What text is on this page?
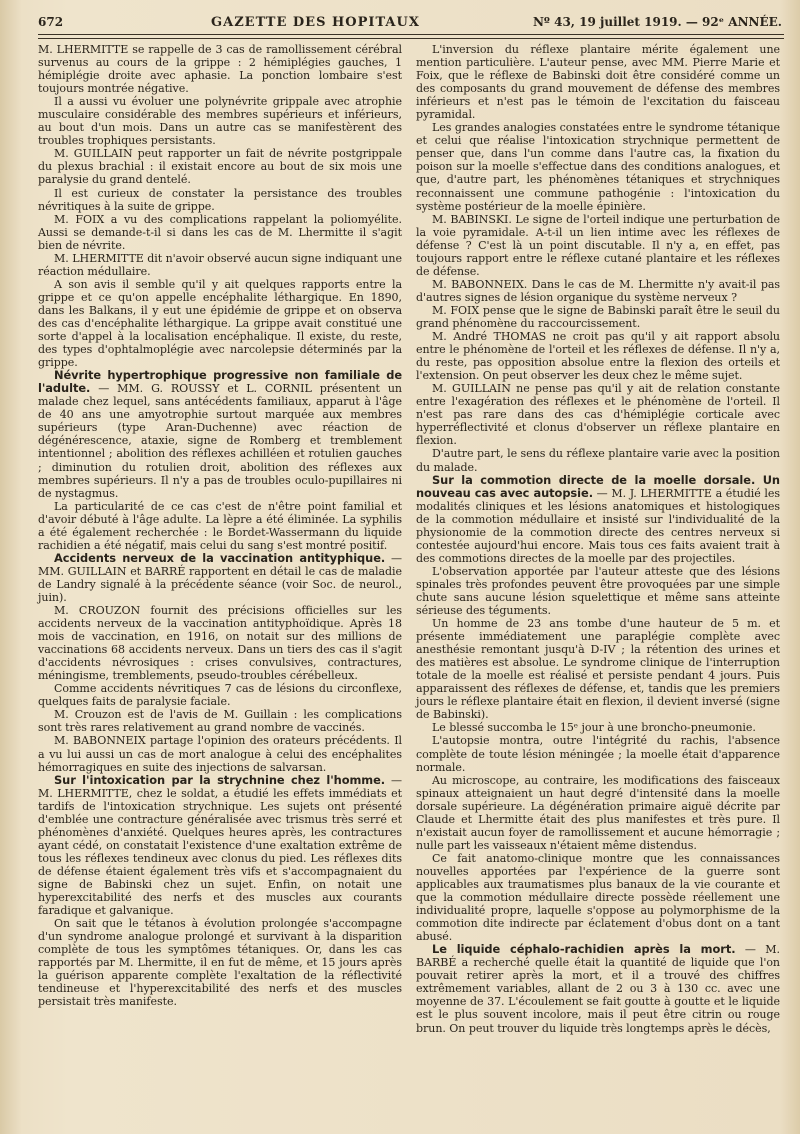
672	GAZETTE DES HOPITAUX	Nº 43, 19 juillet 1919. — 92ᵉ ANNÉE.

M. LHERMITTE se rappelle de 3 cas de ramollissement cérébral survenus au cours de la grippe : 2 hémiplégies gauches, 1 hémiplégie droite avec aphasie. La ponction lombaire s'est toujours montrée négative.

Il a aussi vu évoluer une polynévrite grippale avec atrophie musculaire considérable des membres supérieurs et inférieurs, au bout d'un mois. Dans un autre cas se manifestèrent des troubles trophiques persistants.

M. GUILLAIN peut rapporter un fait de névrite postgrippale du plexus brachial : il existait encore au bout de six mois une paralysie du grand dentelé.

Il est curieux de constater la persistance des troubles névritiques à la suite de grippe.

M. FOIX a vu des complications rappelant la poliomyélite. Aussi se demande-t-il si dans les cas de M. Lhermitte il s'agit bien de névrite.

M. LHERMITTE dit n'avoir observé aucun signe indiquant une réaction médullaire.

A son avis il semble qu'il y ait quelques rapports entre la grippe et ce qu'on appelle encéphalite léthargique. En 1890, dans les Balkans, il y eut une épidémie de grippe et on observa des cas d'encéphalite léthargique. La grippe avait constitué une sorte d'appel à la localisation encéphalique. Il existe, du reste, des types d'ophtalmoplégie avec narcolepsie déterminés par la grippe.

Névrite hypertrophique progressive non familiale de l'adulte. — MM. G. ROUSSY et L. CORNIL présentent un malade chez lequel, sans antécédents familiaux, apparut à l'âge de 40 ans une amyotrophie surtout marquée aux membres supérieurs (type Aran-Duchenne) avec réaction de dégénérescence, ataxie, signe de Romberg et tremblement intentionnel ; abolition des réflexes achilléen et rotulien gauches ; diminution du rotulien droit, abolition des réflexes aux membres supérieurs. Il n'y a pas de troubles oculo-pupillaires ni de nystagmus.

La particularité de ce cas c'est de n'être point familial et d'avoir débuté à l'âge adulte. La lèpre a été éliminée. La syphilis a été également recherchée : le Bordet-Wassermann du liquide rachidien a été négatif, mais celui du sang s'est montré positif.

Accidents nerveux de la vaccination antityphique. — MM. GUILLAIN et BARRÉ rapportent en détail le cas de maladie de Landry signalé à la précédente séance (voir Soc. de neurol., juin).

M. CROUZON fournit des précisions officielles sur les accidents nerveux de la vaccination antityphoïdique. Après 18 mois de vaccination, en 1916, on notait sur des millions de vaccinations 68 accidents nerveux. Dans un tiers des cas il s'agit d'accidents névrosiques : crises convulsives, contractures, méningisme, tremblements, pseudo-troubles cérébelleux.

Comme accidents névritiques 7 cas de lésions du circonflexe, quelques faits de paralysie faciale.

M. Crouzon est de l'avis de M. Guillain : les complications sont très rares relativement au grand nombre de vaccinés.

M. BABONNEIX partage l'opinion des orateurs précédents. Il a vu lui aussi un cas de mort analogue à celui des encéphalites hémorragiques en suite des injections de salvarsan.

Sur l'intoxication par la strychnine chez l'homme. — M. LHERMITTE, chez le soldat, a étudié les effets immédiats et tardifs de l'intoxication strychnique. Les sujets ont présenté d'emblée une contracture généralisée avec trismus très serré et phénomènes d'anxiété. Quelques heures après, les contractures ayant cédé, on constatait l'existence d'une exaltation extrême de tous les réflexes tendineux avec clonus du pied. Les réflexes dits de défense étaient également très vifs et s'accompagnaient du signe de Babinski chez un sujet. Enfin, on notait une hyperexcitabilité des nerfs et des muscles aux courants faradique et galvanique.

On sait que le tétanos à évolution prolongée s'accompagne d'un syndrome analogue prolongé et survivant à la disparition complète de tous les symptômes tétaniques. Or, dans les cas rapportés par M. Lhermitte, il en fut de même, et 15 jours après la guérison apparente complète l'exaltation de la réflectivité tendineuse et l'hyperexcitabilité des nerfs et des muscles persistait très manifeste.

L'inversion du réflexe plantaire mérite également une mention particulière. L'auteur pense, avec MM. Pierre Marie et Foix, que le réflexe de Babinski doit être considéré comme un des composants du grand mouvement de défense des membres inférieurs et n'est pas le témoin de l'excitation du faisceau pyramidal.

Les grandes analogies constatées entre le syndrome tétanique et celui que réalise l'intoxication strychnique permettent de penser que, dans l'un comme dans l'autre cas, la fixation du poison sur la moelle s'effectue dans des conditions analogues, et que, d'autre part, les phénomènes tétaniques et strychniques reconnaissent une commune pathogénie : l'intoxication du système postérieur de la moelle épinière.

M. BABINSKI. Le signe de l'orteil indique une perturbation de la voie pyramidale. A-t-il un lien intime avec les réflexes de défense ? C'est là un point discutable. Il n'y a, en effet, pas toujours rapport entre le réflexe cutané plantaire et les réflexes de défense.

M. BABONNEIX. Dans le cas de M. Lhermitte n'y avait-il pas d'autres signes de lésion organique du système nerveux ?

M. FOIX pense que le signe de Babinski paraît être le seuil du grand phénomène du raccourcissement.

M. André THOMAS ne croit pas qu'il y ait rapport absolu entre le phénomène de l'orteil et les réflexes de défense. Il n'y a, du reste, pas opposition absolue entre la flexion des orteils et l'extension. On peut observer les deux chez le même sujet.

M. GUILLAIN ne pense pas qu'il y ait de relation constante entre l'exagération des réflexes et le phénomène de l'orteil. Il n'est pas rare dans des cas d'hémiplégie corticale avec hyperréflectivité et clonus d'observer un réflexe plantaire en flexion.

D'autre part, le sens du réflexe plantaire varie avec la position du malade.

Sur la commotion directe de la moelle dorsale. Un nouveau cas avec autopsie. — M. J. LHERMITTE a étudié les modalités cliniques et les lésions anatomiques et histologiques de la commotion médullaire et insisté sur l'individualité de la physionomie de la commotion directe des centres nerveux si contestée aujourd'hui encore. Mais tous ces faits avaient trait à des commotions directes de la moelle par des projectiles.

L'observation apportée par l'auteur atteste que des lésions spinales très profondes peuvent être provoquées par une simple chute sans aucune lésion squelettique et même sans atteinte sérieuse des téguments.

Un homme de 23 ans tombe d'une hauteur de 5 m. et présente immédiatement une paraplégie complète avec anesthésie remontant jusqu'à D-IV ; la rétention des urines et des matières est absolue. Le syndrome clinique de l'interruption totale de la moelle est réalisé et persiste pendant 4 jours. Puis apparaissent des réflexes de défense, et, tandis que les premiers jours le réflexe plantaire était en flexion, il devient inversé (signe de Babinski).

Le blessé succomba le 15ᵉ jour à une broncho-pneumonie.

L'autopsie montra, outre l'intégrité du rachis, l'absence complète de toute lésion méningée ; la moelle était d'apparence normale.

Au microscope, au contraire, les modifications des faisceaux spinaux atteignaient un haut degré d'intensité dans la moelle dorsale supérieure. La dégénération primaire aiguë décrite par Claude et Lhermitte était des plus manifestes et très pure. Il n'existait aucun foyer de ramollissement et aucune hémorragie ; nulle part les vaisseaux n'étaient même distendus.

Ce fait anatomo-clinique montre que les connaissances nouvelles apportées par l'expérience de la guerre sont applicables aux traumatismes plus banaux de la vie courante et que la commotion médullaire directe possède réellement une individualité propre, laquelle s'oppose au polymorphisme de la commotion dite indirecte par éclatement d'obus dont on a tant abusé.

Le liquide céphalo-rachidien après la mort. — M. BARBÉ a recherché quelle était la quantité de liquide que l'on pouvait retirer après la mort, et il a trouvé des chiffres extrêmement variables, allant de 2 ou 3 à 130 cc. avec une moyenne de 37. L'écoulement se fait goutte à goutte et le liquide est le plus souvent incolore, mais il peut être citrin ou rouge brun. On peut trouver du liquide très longtemps après le décès,
